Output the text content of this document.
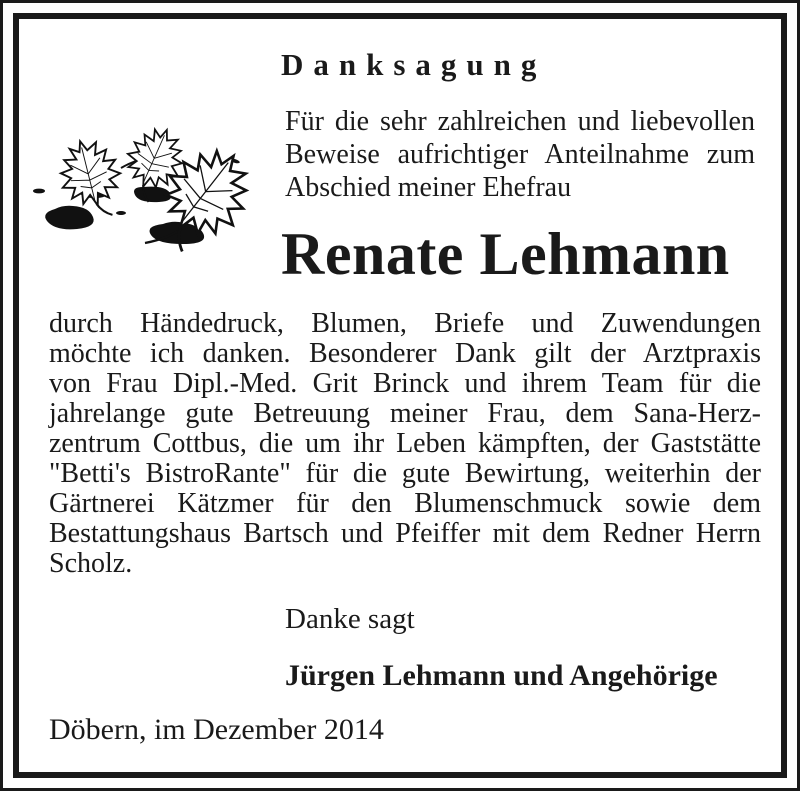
Danksagung
Für die sehr zahlreichen und liebevollen
Beweise aufrichtiger Anteilnahme zum
Abschied meiner Ehefrau
Renate Lehmann
durch Händedruck, Blumen, Briefe und Zuwendungen
möchte ich danken. Besonderer Dank gilt der Arztpraxis
von Frau Dipl.-Med. Grit Brinck und ihrem Team für die
jahrelange gute Betreuung meiner Frau, dem Sana-Herz-
zentrum Cottbus, die um ihr Leben kämpften, der Gaststätte
"Betti's BistroRante" für die gute Bewirtung, weiterhin der
Gärtnerei Kätzmer für den Blumenschmuck sowie dem
Bestattungshaus Bartsch und Pfeiffer mit dem Redner Herrn
Scholz.
Danke sagt
Jürgen Lehmann und Angehörige
Döbern, im Dezember 2014
